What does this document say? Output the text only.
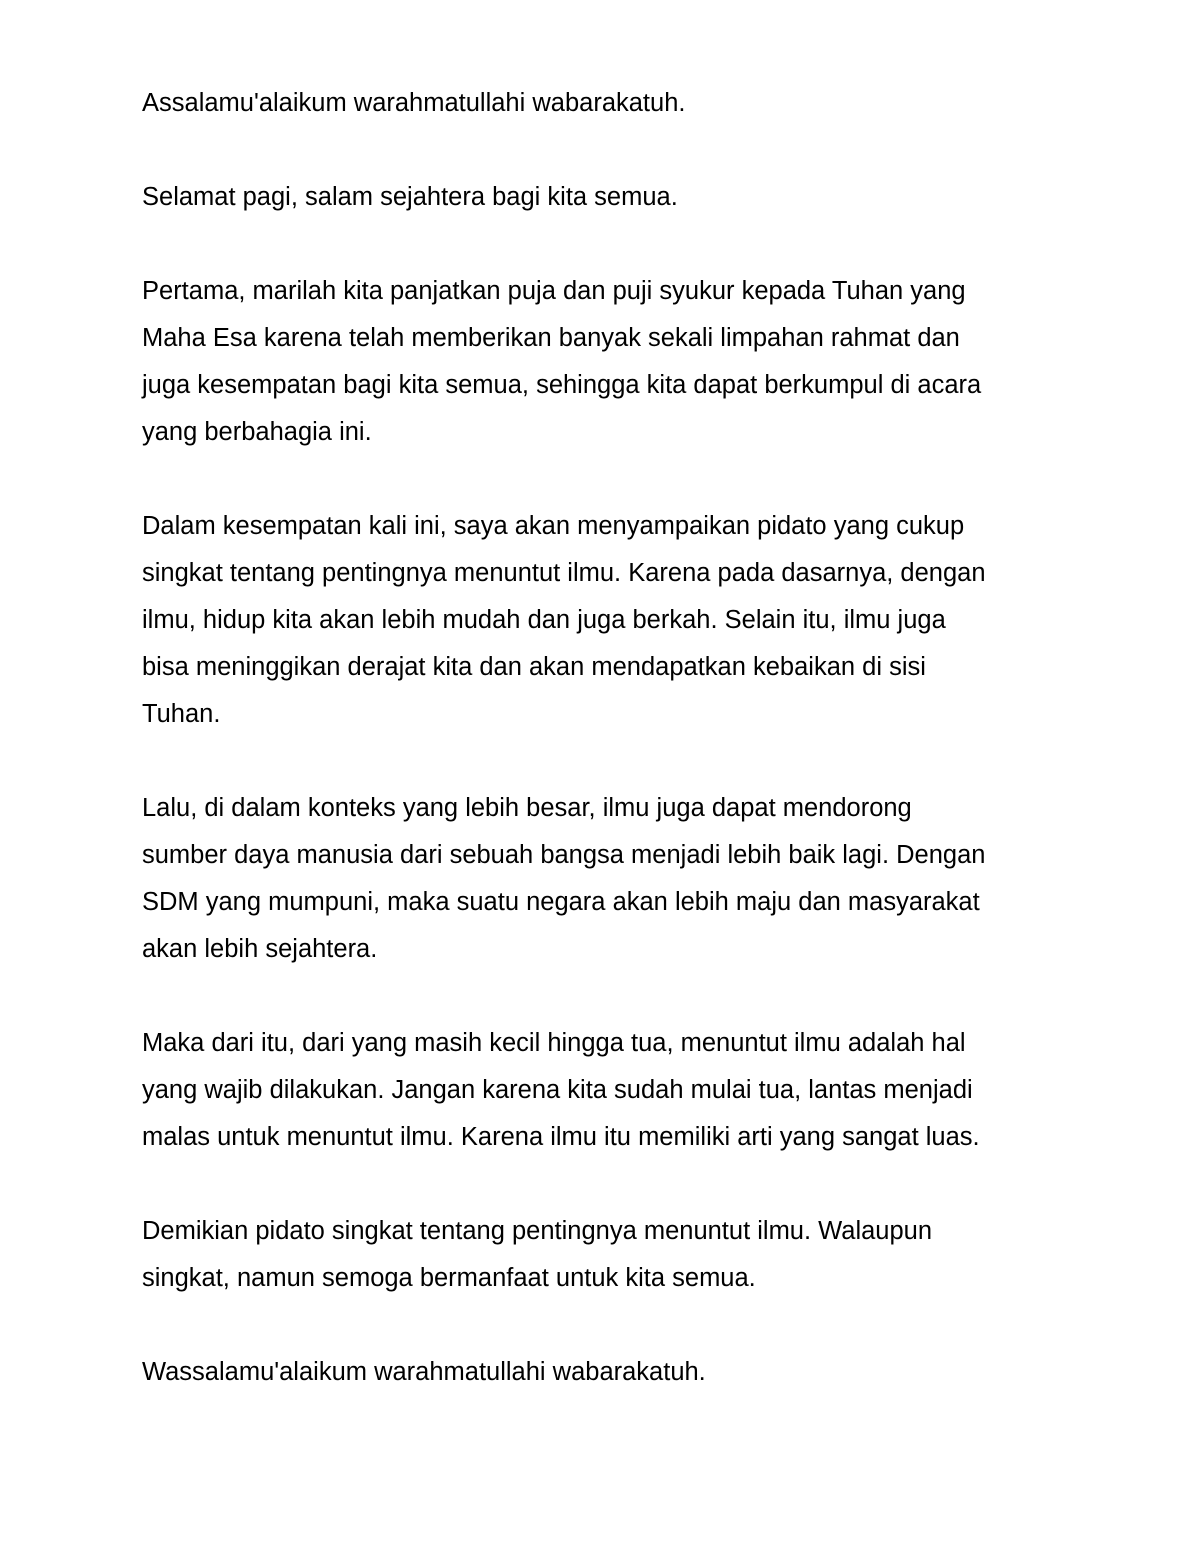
Assalamu'alaikum warahmatullahi wabarakatuh.

Selamat pagi, salam sejahtera bagi kita semua.

Pertama, marilah kita panjatkan puja dan puji syukur kepada Tuhan yang
Maha Esa karena telah memberikan banyak sekali limpahan rahmat dan
juga kesempatan bagi kita semua, sehingga kita dapat berkumpul di acara
yang berbahagia ini.

Dalam kesempatan kali ini, saya akan menyampaikan pidato yang cukup
singkat tentang pentingnya menuntut ilmu. Karena pada dasarnya, dengan
ilmu, hidup kita akan lebih mudah dan juga berkah. Selain itu, ilmu juga
bisa meninggikan derajat kita dan akan mendapatkan kebaikan di sisi
Tuhan.

Lalu, di dalam konteks yang lebih besar, ilmu juga dapat mendorong
sumber daya manusia dari sebuah bangsa menjadi lebih baik lagi. Dengan
SDM yang mumpuni, maka suatu negara akan lebih maju dan masyarakat
akan lebih sejahtera.

Maka dari itu, dari yang masih kecil hingga tua, menuntut ilmu adalah hal
yang wajib dilakukan. Jangan karena kita sudah mulai tua, lantas menjadi
malas untuk menuntut ilmu. Karena ilmu itu memiliki arti yang sangat luas.

Demikian pidato singkat tentang pentingnya menuntut ilmu. Walaupun
singkat, namun semoga bermanfaat untuk kita semua.

Wassalamu'alaikum warahmatullahi wabarakatuh.
